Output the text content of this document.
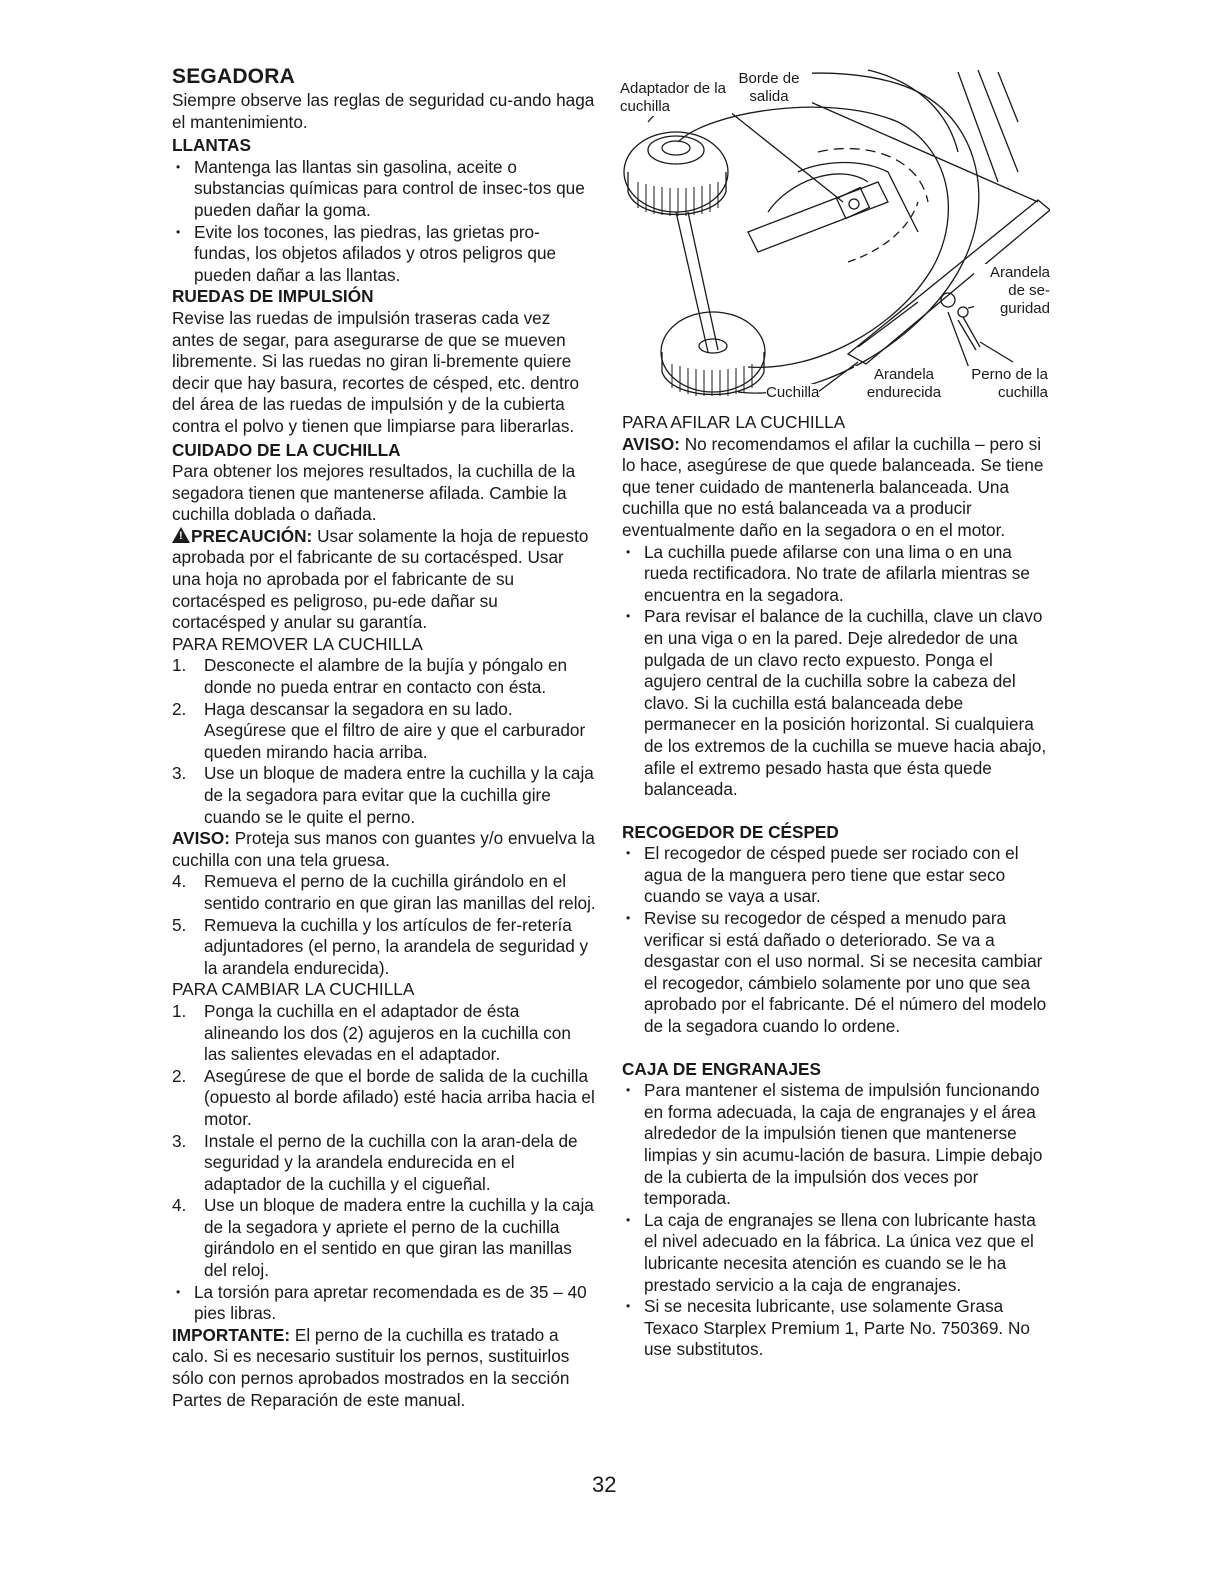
SEGADORA

Siempre observe las reglas de seguridad cu-ando haga el mantenimiento.

LLANTAS
• Mantenga las llantas sin gasolina, aceite o substancias químicas para control de insec-tos que pueden dañar la goma.
• Evite los tocones, las piedras, las grietas pro-fundas, los objetos afilados y otros peligros que pueden dañar a las llantas.
RUEDAS DE IMPULSIÓN

Revise las ruedas de impulsión traseras cada vez antes de segar, para asegurarse de que se mueven libremente. Si las ruedas no giran li-bremente quiere decir que hay basura, recortes de césped, etc. dentro del área de las ruedas de impulsión y de la cubierta contra el polvo y tienen que limpiarse para liberarlas.

CUIDADO DE LA CUCHILLA

Para obtener los mejores resultados, la cuchilla de la segadora tienen que mantenerse afilada. Cambie la cuchilla doblada o dañada.

!PRECAUCIÓN: Usar solamente la hoja de repuesto aprobada por el fabricante de su cortacésped. Usar una hoja no aprobada por el fabricante de su cortacésped es peligroso, pu-ede dañar su cortacésped y anular su garantía.

PARA REMOVER LA CUCHILLA

1. Desconecte el alambre de la bujía y póngalo en donde no pueda entrar en contacto con ésta.
2. Haga descansar la segadora en su lado. Asegúrese que el filtro de aire y que el carburador queden mirando hacia arriba.
3. Use un bloque de madera entre la cuchilla y la caja de la segadora para evitar que la cuchilla gire cuando se le quite el perno.

AVISO: Proteja sus manos con guantes y/o envuelva la cuchilla con una tela gruesa.

4. Remueva el perno de la cuchilla girándolo en el sentido contrario en que giran las manillas del reloj.
5. Remueva la cuchilla y los artículos de fer-retería adjuntadores (el perno, la arandela de seguridad y la arandela endurecida).

PARA CAMBIAR LA CUCHILLA

1. Ponga la cuchilla en el adaptador de ésta alineando los dos (2) agujeros en la cuchilla con las salientes elevadas en el adaptador.
2. Asegúrese de que el borde de salida de la cuchilla (opuesto al borde afilado) esté hacia arriba hacia el motor.
3. Instale el perno de la cuchilla con la aran-dela de seguridad y la arandela endurecida en el adaptador de la cuchilla y el cigueñal.
4. Use un bloque de madera entre la cuchilla y la caja de la segadora y apriete el perno de la cuchilla girándolo en el sentido en que giran las manillas del reloj.
• La torsión para apretar recomendada es de 35 – 40 pies libras.

IMPORTANTE: El perno de la cuchilla es tratado a calo. Si es necesario sustituir los pernos, sustituirlos sólo con pernos aprobados mostrados en la sección Partes de Reparación de este manual.

Adaptador de la cuchilla
Borde de salida
Arandela de se-guridad
Cuchilla
Arandela endurecida
Perno de la cuchilla

PARA AFILAR LA CUCHILLA

AVISO: No recomendamos el afilar la cuchilla – pero si lo hace, asegúrese de que quede balanceada. Se tiene que tener cuidado de mantenerla balanceada. Una cuchilla que no está balanceada va a producir eventualmente daño en la segadora o en el motor.

• La cuchilla puede afilarse con una lima o en una rueda rectificadora. No trate de afilarla mientras se encuentra en la segadora.
• Para revisar el balance de la cuchilla, clave un clavo en una viga o en la pared. Deje alrededor de una pulgada de un clavo recto expuesto. Ponga el agujero central de la cuchilla sobre la cabeza del clavo. Si la cuchilla está balanceada debe permanecer en la posición horizontal. Si cualquiera de los extremos de la cuchilla se mueve hacia abajo, afile el extremo pesado hasta que ésta quede balanceada.
RECOGEDOR DE CÉSPED
• El recogedor de césped puede ser rociado con el agua de la manguera pero tiene que estar seco cuando se vaya a usar.
• Revise su recogedor de césped a menudo para verificar si está dañado o deteriorado. Se va a desgastar con el uso normal. Si se necesita cambiar el recogedor, cámbielo solamente por uno que sea aprobado por el fabricante. Dé el número del modelo de la segadora cuando lo ordene.
CAJA DE ENGRANAJES
• Para mantener el sistema de impulsión funcionando en forma adecuada, la caja de engranajes y el área alrededor de la impulsión tienen que mantenerse limpias y sin acumu-lación de basura. Limpie debajo de la cubierta de la impulsión dos veces por temporada.
• La caja de engranajes se llena con lubricante hasta el nivel adecuado en la fábrica. La única vez que el lubricante necesita atención es cuando se le ha prestado servicio a la caja de engranajes.
• Si se necesita lubricante, use solamente Grasa Texaco Starplex Premium 1, Parte No. 750369. No use substitutos.
32
